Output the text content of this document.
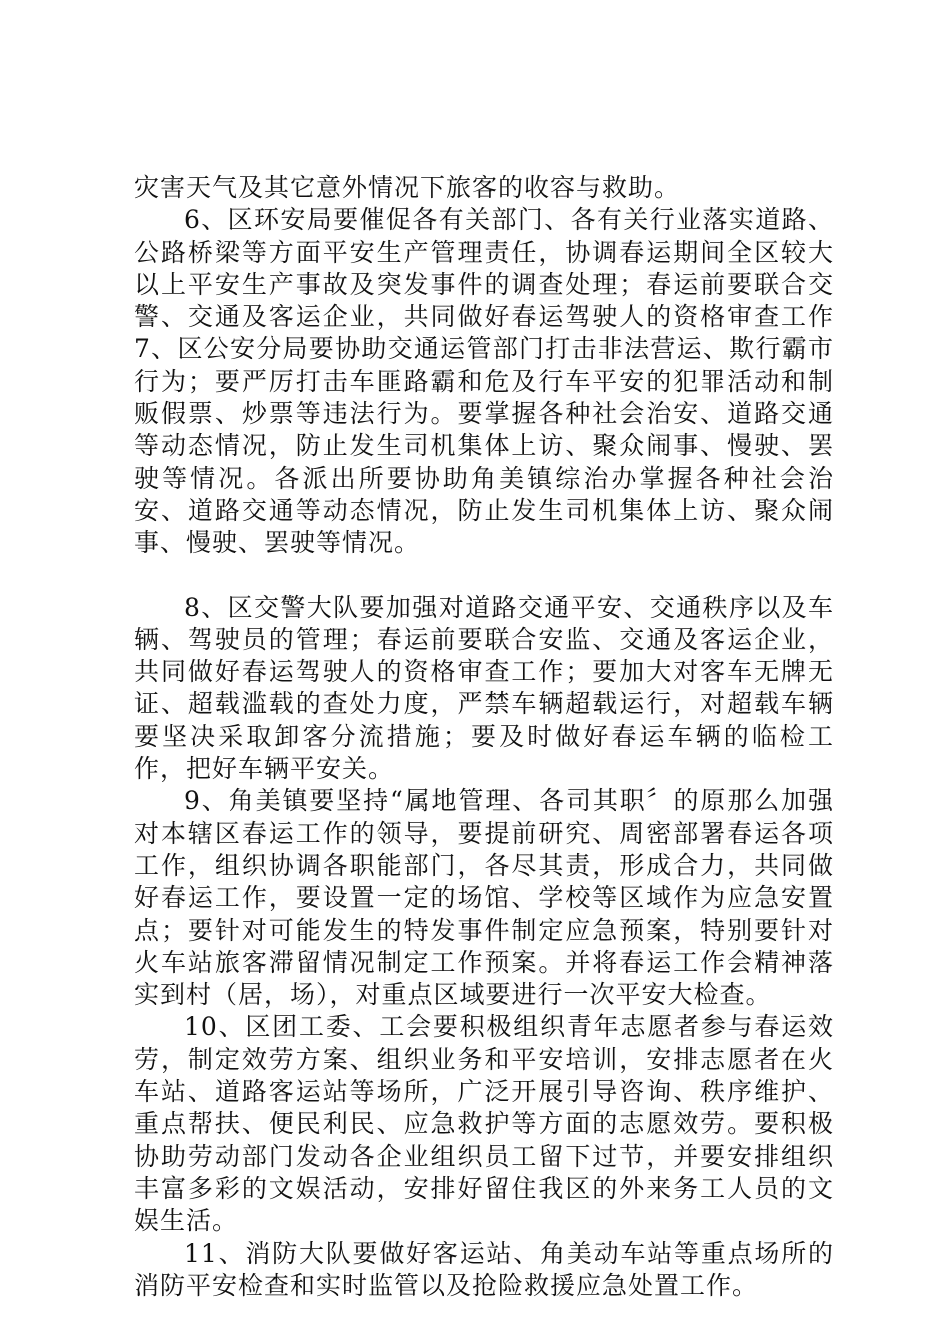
灾害天气及其它意外情况下旅客的收容与救助。

6、区环安局要催促各有关部门、各有关行业落实道路、公路桥梁等方面平安生产管理责任，协调春运期间全区较大以上平安生产事故及突发事件的调查处理；春运前要联合交警、交通及客运企业，共同做好春运驾驶人的资格审查工作7、区公安分局要协助交通运管部门打击非法营运、欺行霸市行为；要严厉打击车匪路霸和危及行车平安的犯罪活动和制贩假票、炒票等违法行为。要掌握各种社会治安、道路交通等动态情况，防止发生司机集体上访、聚众闹事、慢驶、罢驶等情况。各派出所要协助角美镇综治办掌握各种社会治安、道路交通等动态情况，防止发生司机集体上访、聚众闹事、慢驶、罢驶等情况。

8、区交警大队要加强对道路交通平安、交通秩序以及车辆、驾驶员的管理；春运前要联合安监、交通及客运企业，共同做好春运驾驶人的资格审查工作；要加大对客车无牌无证、超载滥载的查处力度，严禁车辆超载运行，对超载车辆要坚决采取卸客分流措施；要及时做好春运车辆的临检工作，把好车辆平安关。

9、角美镇要坚持“属地管理、各司其职〞的原那么加强对本辖区春运工作的领导，要提前研究、周密部署春运各项工作，组织协调各职能部门，各尽其责，形成合力，共同做好春运工作，要设置一定的场馆、学校等区域作为应急安置点；要针对可能发生的特发事件制定应急预案，特别要针对火车站旅客滞留情况制定工作预案。并将春运工作会精神落实到村（居，场），对重点区域要进行一次平安大检查。

10、区团工委、工会要积极组织青年志愿者参与春运效劳，制定效劳方案、组织业务和平安培训，安排志愿者在火车站、道路客运站等场所，广泛开展引导咨询、秩序维护、重点帮扶、便民利民、应急救护等方面的志愿效劳。要积极协助劳动部门发动各企业组织员工留下过节，并要安排组织丰富多彩的文娱活动，安排好留住我区的外来务工人员的文娱生活。

11、消防大队要做好客运站、角美动车站等重点场所的消防平安检查和实时监管以及抢险救援应急处置工作。
